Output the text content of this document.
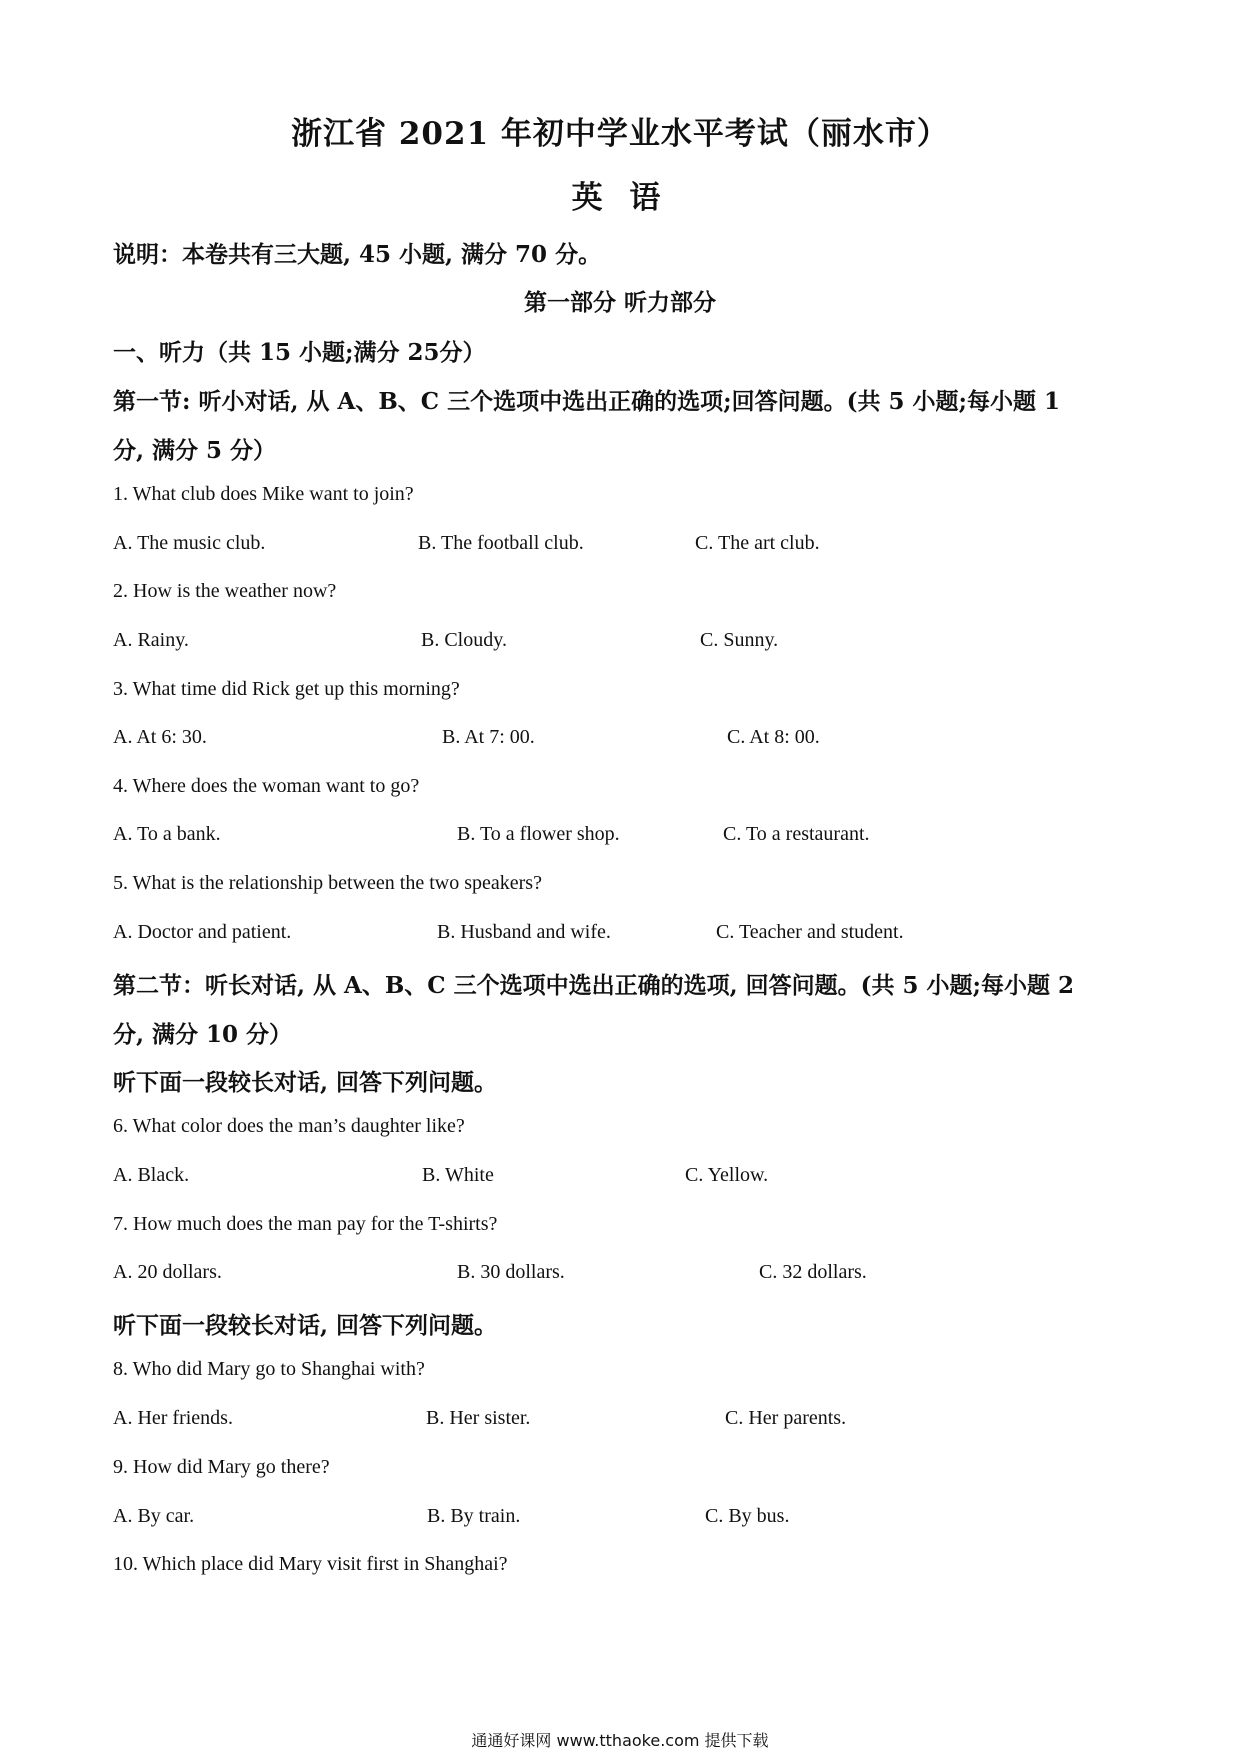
浙江省 2021 年初中学业水平考试（丽水市）
英 语
说明：本卷共有三大题, 45 小题, 满分 70 分。
第一部分 听力部分
一、听力（共 15 小题;满分 25分）
第一节: 听小对话, 从 A、B、C 三个选项中选出正确的选项;回答问题。(共 5 小题;每小题 1
分, 满分 5 分）
1. What club does Mike want to join?
A. The music club.	B. The football club.	C. The art club.
2. How is the weather now?
A. Rainy.	B. Cloudy.	C. Sunny.
3. What time did Rick get up this morning?
A. At 6: 30.	B. At 7: 00.	C. At 8: 00.
4. Where does the woman want to go?
A. To a bank.	B. To a flower shop.	C. To a restaurant.
5. What is the relationship between the two speakers?
A. Doctor and patient.	B. Husband and wife.	C. Teacher and student.
第二节：听长对话, 从 A、B、C 三个选项中选出正确的选项, 回答问题。(共 5 小题;每小题 2
分, 满分 10 分）
听下面一段较长对话, 回答下列问题。
6. What color does the man’s daughter like?
A. Black.	B. White	C. Yellow.
7. How much does the man pay for the T-shirts?
A. 20 dollars.	B. 30 dollars.	C. 32 dollars.
听下面一段较长对话, 回答下列问题。
8. Who did Mary go to Shanghai with?
A. Her friends.	B. Her sister.	C. Her parents.
9. How did Mary go there?
A. By car.	B. By train.	C. By bus.
10. Which place did Mary visit first in Shanghai?
通通好课网 www.tthaoke.com 提供下载
